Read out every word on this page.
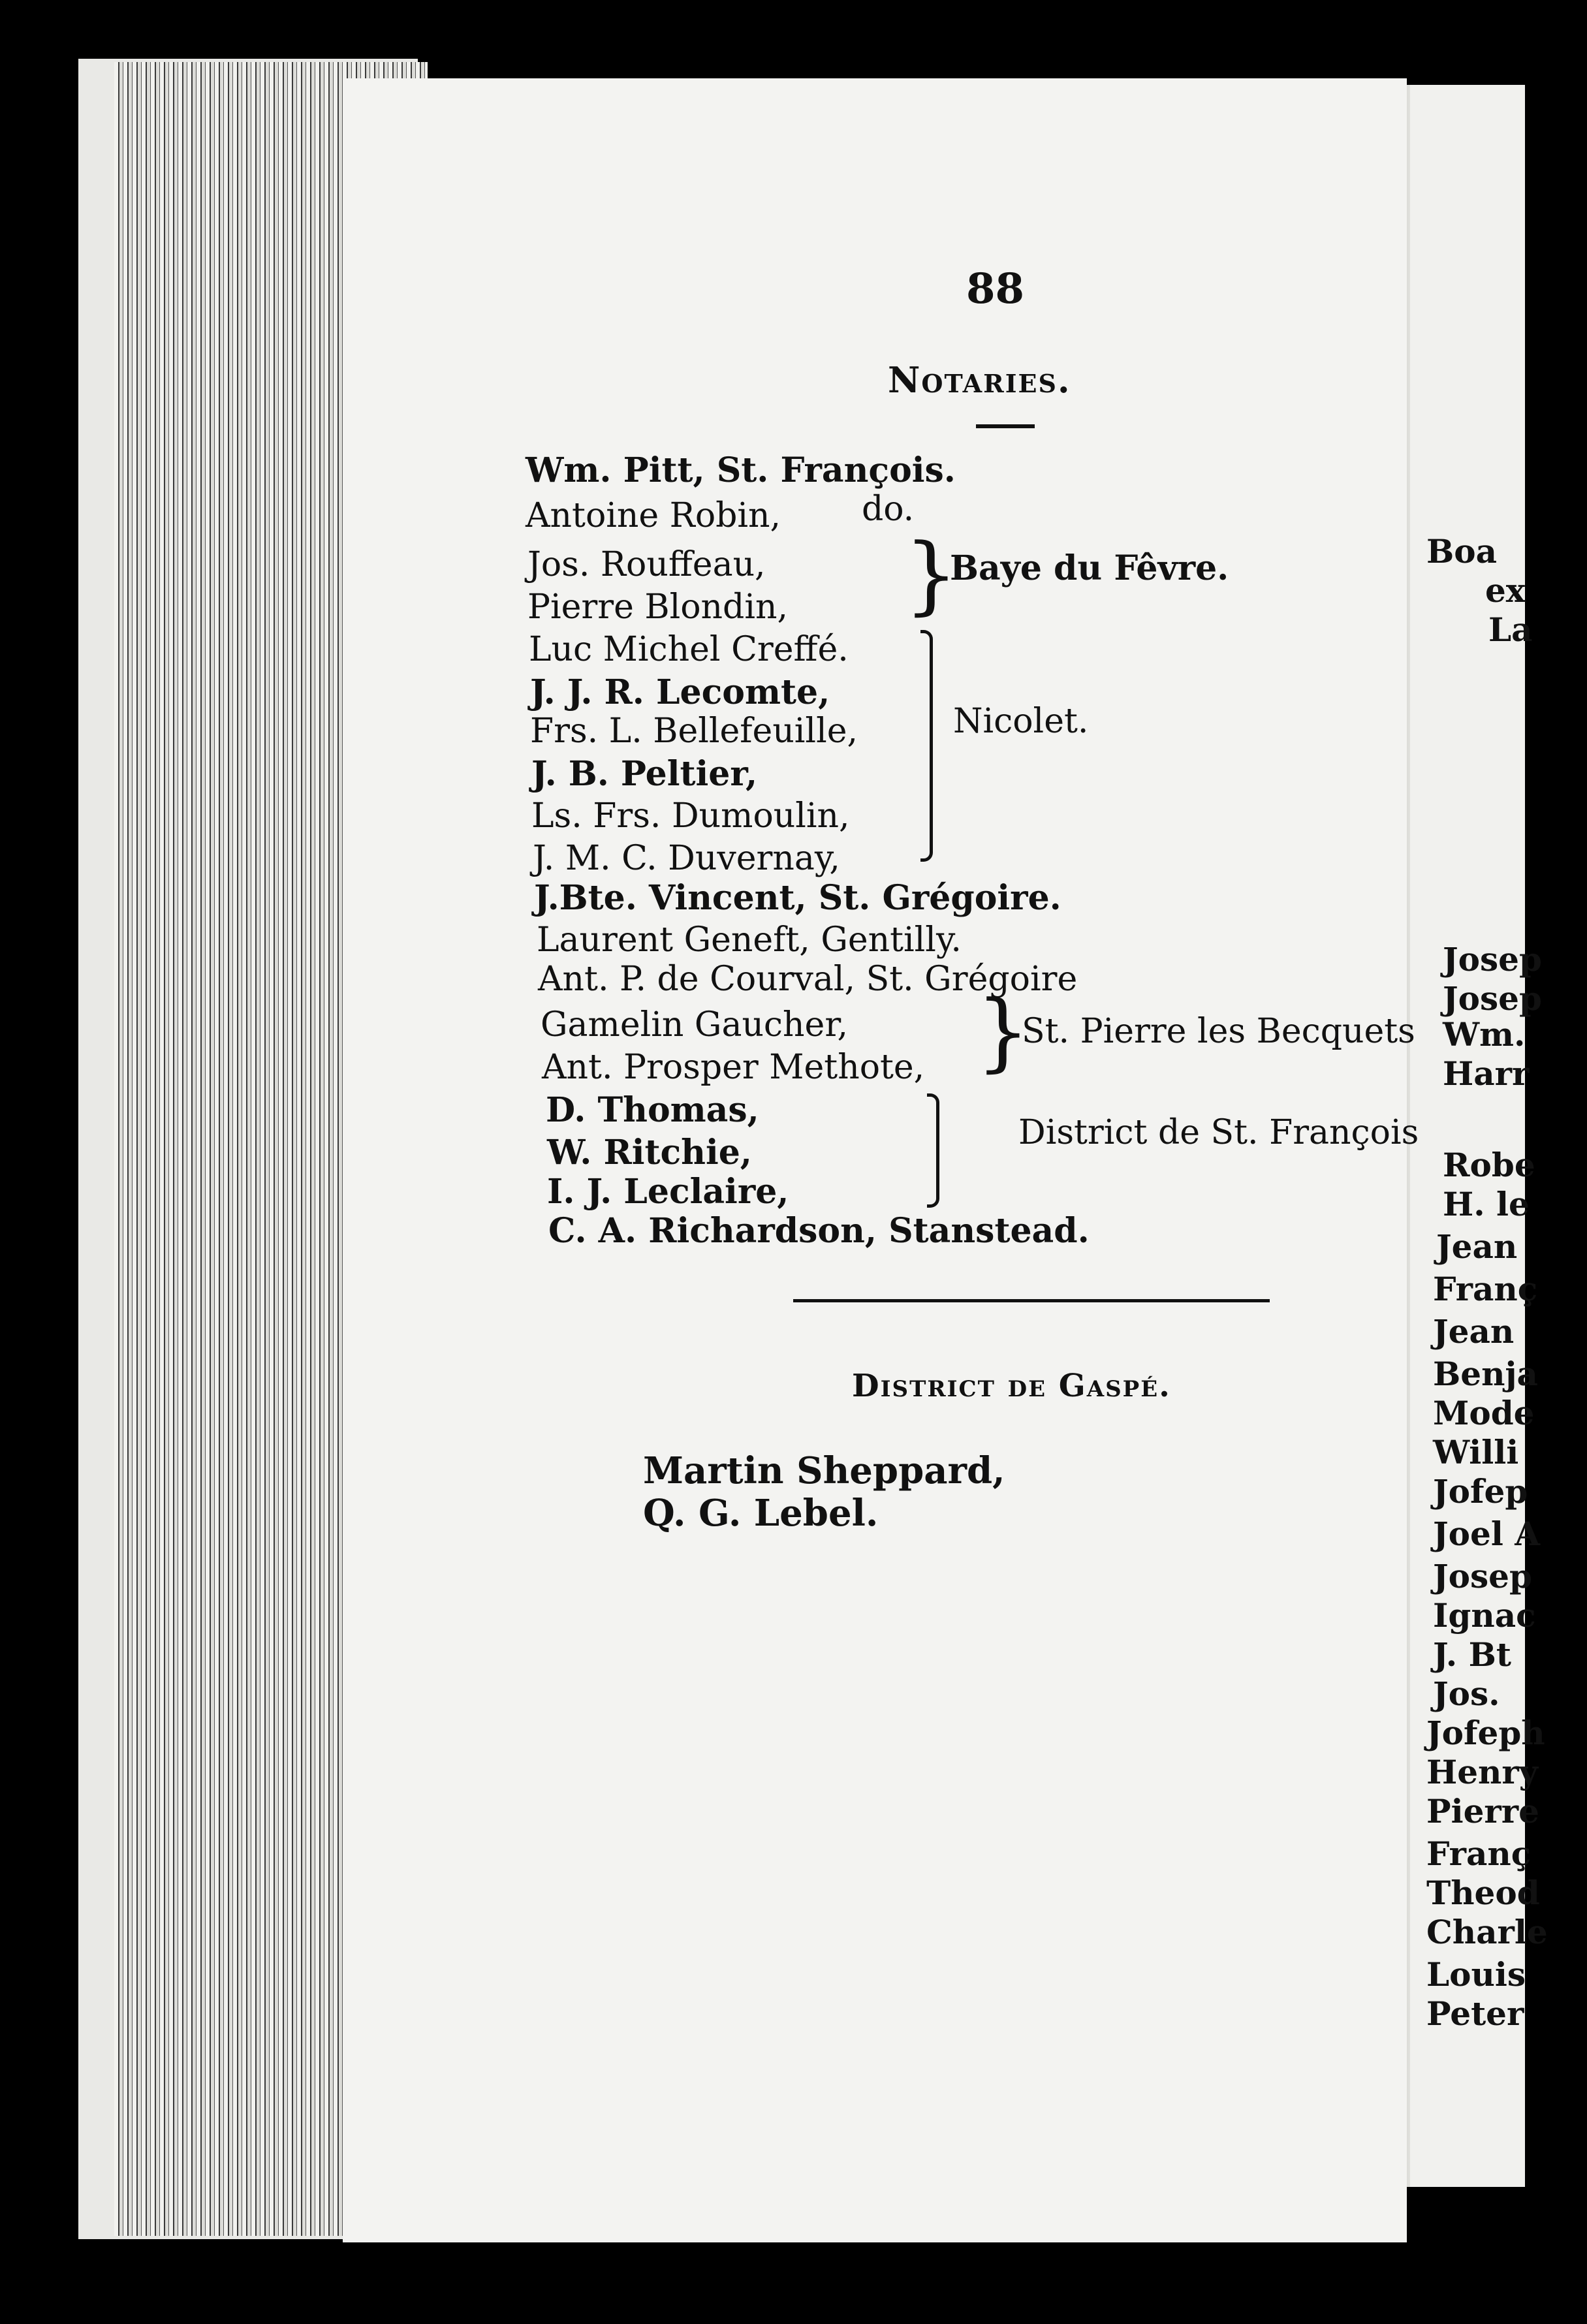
88
Notaries.
Wm. Pitt, St. François.
Antoine Robin, do.
Jos. Rouffeau,
Pierre Blondin, }
Baye du Fêvre.
Luc Michel Creffé.
J. J. R. Lecomte,
Frs. L. Bellefeuille,
J. B. Peltier,
Ls. Frs. Dumoulin,
J. M. C. Duvernay,
Nicolet.
J.Bte. Vincent, St. Grégoire.
Laurent Geneft, Gentilly.
Ant. P. de Courval, St. Grégoire
Gamelin Gaucher,
Ant. Prosper Methote, }
St. Pierre les Becquets
D. Thomas,
W. Ritchie,
I. J. Leclaire,
District de St. François
C. A. Richardson, Stanstead.
District de Gaspé.
Martin Sheppard,
Q. G. Lebel.
Boa
ex
La
Josep
Josep
Wm.
Harr
Robe
H. le
Jean
Franç
Jean
Benja
Mode
Willi
Jofep
Joel A
Josep
Ignac
J. Bt
Jos.
Jofeph
Henry
Pierre
Franç
Theod
Charle
Louis
Peter
